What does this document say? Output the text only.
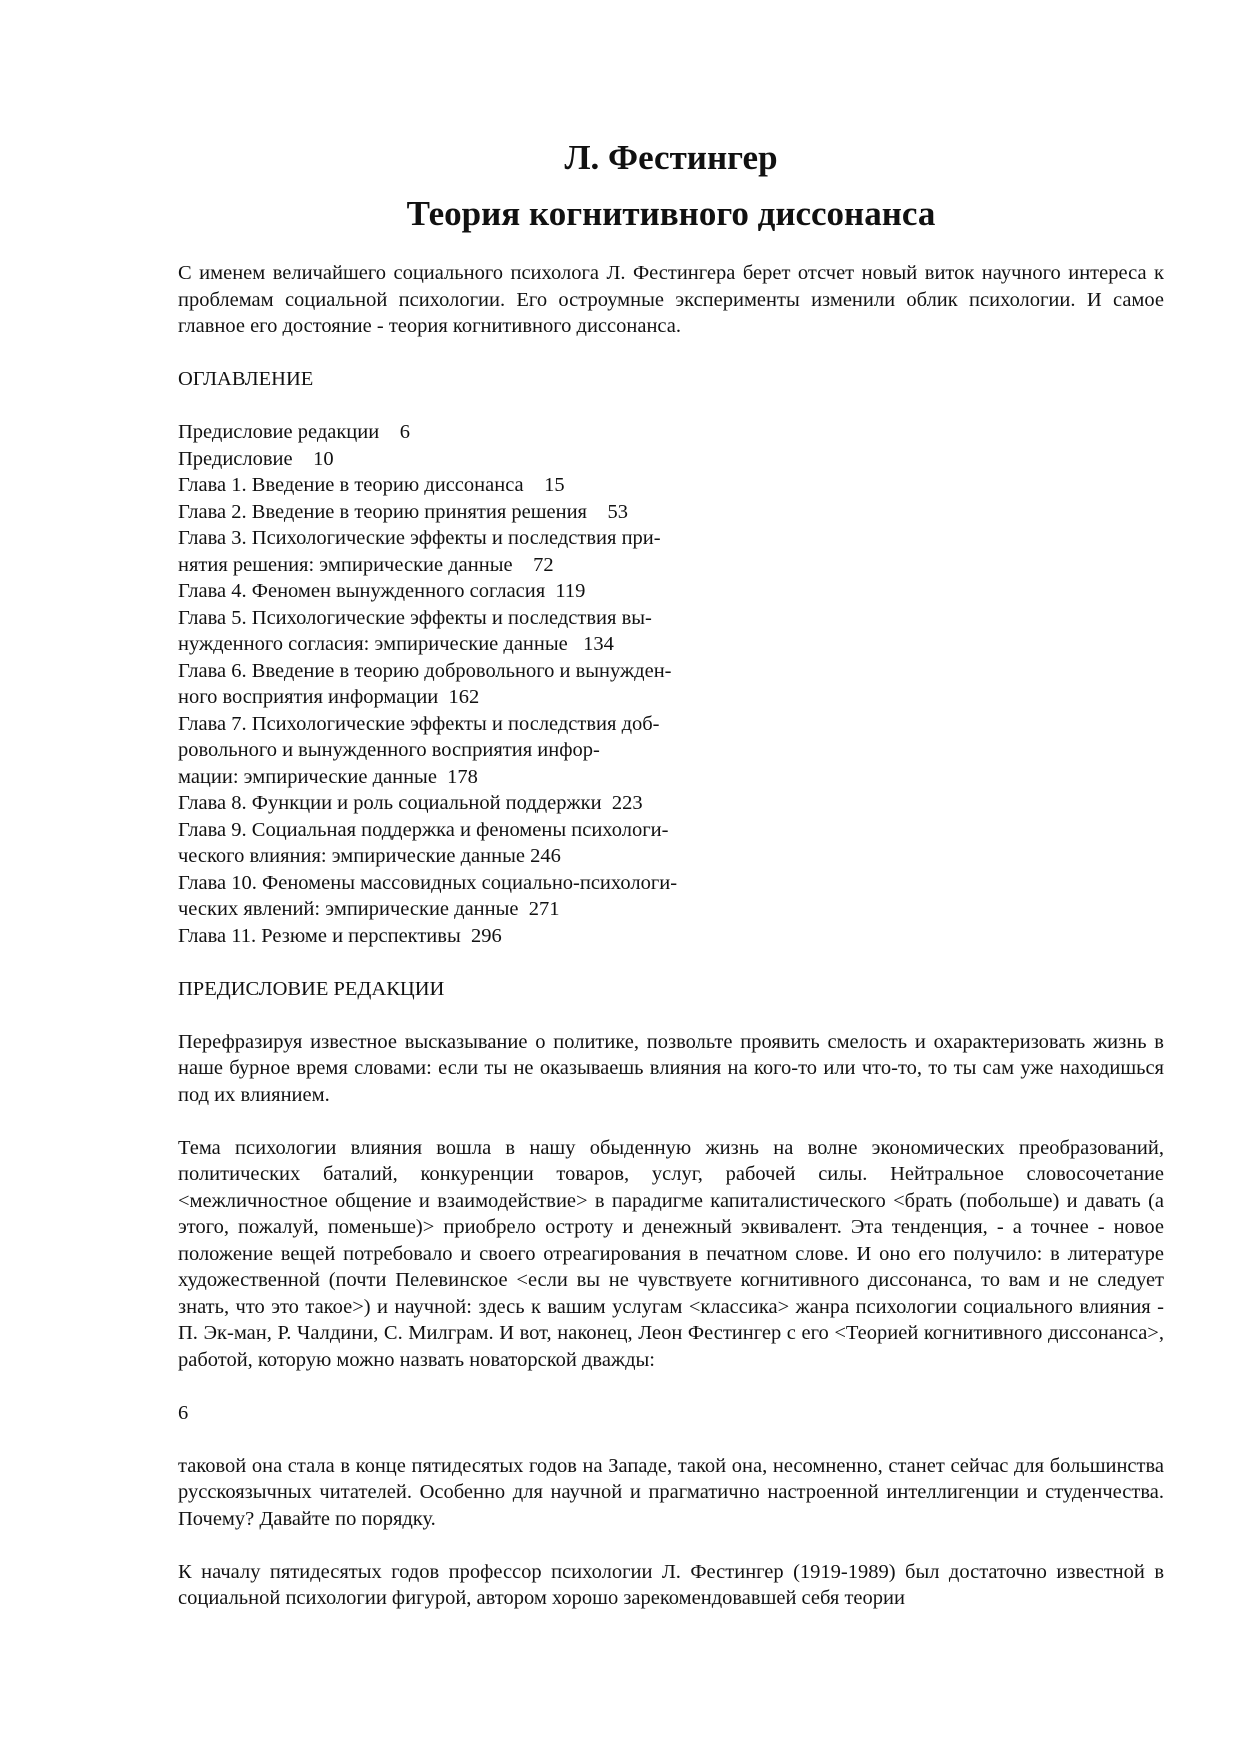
Л. Фестингер
Теория когнитивного диссонанса

С именем величайшего социального психолога Л. Фестингера берет отсчет новый виток научного интереса к проблемам социальной психологии. Его остроумные эксперименты изменили облик психологии. И самое главное его достояние - теория когнитивного диссонанса.

ОГЛАВЛЕНИЕ

Предисловие редакции    6
Предисловие    10
Глава 1. Введение в теорию диссонанса    15
Глава 2. Введение в теорию принятия решения    53
Глава 3. Психологические эффекты и последствия при-
нятия решения: эмпирические данные    72
Глава 4. Феномен вынужденного согласия  119
Глава 5. Психологические эффекты и последствия вы-
нужденного согласия: эмпирические данные   134
Глава 6. Введение в теорию добровольного и вынужден-
ного восприятия информации  162
Глава 7. Психологические эффекты и последствия доб-
ровольного и вынужденного восприятия инфор-
мации: эмпирические данные  178
Глава 8. Функции и роль социальной поддержки  223
Глава 9. Социальная поддержка и феномены психологи-
ческого влияния: эмпирические данные 246
Глава 10. Феномены массовидных социально-психологи-
ческих явлений: эмпирические данные  271
Глава 11. Резюме и перспективы  296

ПРЕДИСЛОВИЕ РЕДАКЦИИ

Перефразируя известное высказывание о политике, позвольте проявить смелость и охарактеризовать жизнь в наше бурное время словами: если ты не оказываешь влияния на кого-то или что-то, то ты сам уже находишься под их влиянием.

Тема психологии влияния вошла в нашу обыденную жизнь на волне экономических преобразований, политических баталий, конкуренции товаров, услуг, рабочей силы. Нейтральное словосочетание <межличностное общение и взаимодействие> в парадигме капиталистического <брать (побольше) и давать (а этого, пожалуй, поменьше)> приобрело остроту и денежный эквивалент. Эта тенденция, - а точнее - новое положение вещей потребовало и своего отреагирования в печатном слове. И оно его получило: в литературе художественной (почти Пелевинское <если вы не чувствуете когнитивного диссонанса, то вам и не следует знать, что это такое>) и научной: здесь к вашим услугам <классика> жанра психологии социального влияния - П. Эк-ман, Р. Чалдини, С. Милграм. И вот, наконец, Леон Фестингер с его <Теорией когнитивного диссонанса>, работой, которую можно назвать новаторской дважды:

6

таковой она стала в конце пятидесятых годов на Западе, такой она, несомненно, станет сейчас для большинства русскоязычных читателей. Особенно для научной и прагматично настроенной интеллигенции и студенчества. Почему? Давайте по порядку.

К началу пятидесятых годов профессор психологии Л. Фестингер (1919-1989) был достаточно известной в социальной психологии фигурой, автором хорошо зарекомендовавшей себя теории
